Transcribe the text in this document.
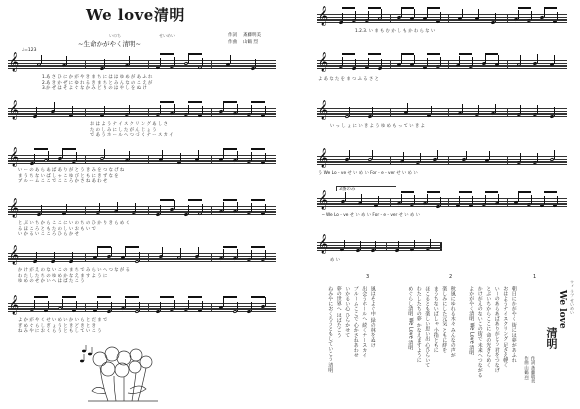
We love清明
いのち	せいめい
~生命かがやく清明~
作詞 斎藤明美
作曲 山鶴 烈
♩=123
𝄞
𝄞
𝄞
𝄞
𝄞
𝄞
1.あ さ ひ に か が や き ま ち に は は ゆ め が あ ふ れ
2.あ き か ぜ に ゆ れ る き ま ち と み ん な の こ え が
3.か ぜ は そ よ ぐ な か み ど り の は や し を ぬ け
お は よ う ナ イ ス ク リ ン グ あ し さ
た の し み に し た が ん じ ょ う
で あ う ホ ー ル へ つ づ く ナ ー ス カ イ
い ー の あ ら あ ば あ り が と う き み を つ な げ ね
ま う ち な い ば し ゃ こ ゆ び と も に き ず な を
ブ ル ー ム こ こ で こ こ ろ か さ ね あ わ せ
と ぶ い ち か ら こ こ に い の ち の ひ か り き ら め く
る ほ こ ろ と も た の し い お も い で
い か る い こ こ ろ ひ ら か せ
か け が え の な い こ の ま ち で み ら い へ つ な が る
わ た し た ち の ゆ め か な え ま す よ う に
ゆ め の せ か い へ は ば た こ う
よ か が や く せ い め い か い ら と だ ま で
ぎ め ぐ ら し ぎ ょ う と き ど き と き
ね み や に お く ら う と も し て い こ う
𝄞
𝄞
𝄞
𝄞
𝄞
𝄞
1.2.3. い ま も む か し も か わ ら な い
よ あ な た を ま つ ふ る さ と
い っ し ょ に い き よ う ゆ め も っ て い き よ
う We Lo - ve せ い め い For - e - ver せ い め い
3番のみ
─ We Lo - ve せ い め い For - e - ver せ い め い
め い
1
2
3
朝日にかがやく 街には夢があふれ
おはようナイスクリング 足さえ軽く
いーのあらあばありがとう 君をつなげ
とぶいちからここに 命の光きらめく
かけがえのないこの街で 未来へつながる
よかがやく清明 We Love 清明
秋風にゆれる木々 みんなの声が
楽しみにした元気 ともに絆を
まうちないばしゃ 小指ともに
ほこるとも楽しい思い出 心ひらいて
わたしたちの夢 かなえますように
めぐらし清明 We Love 清明
風はそよぐ中 緑の林をぬけ
出会うホールへ 続くナースカイ
ブルームここで 心かさねあわせ
いかるい心 ひらかせて
夢の世界へ はばたこう
ねみやにおくろうともしていこう 清明	ウィ ラブ せいめい
We love
清明
作詞 斎藤明美
作曲 山鶴 烈
